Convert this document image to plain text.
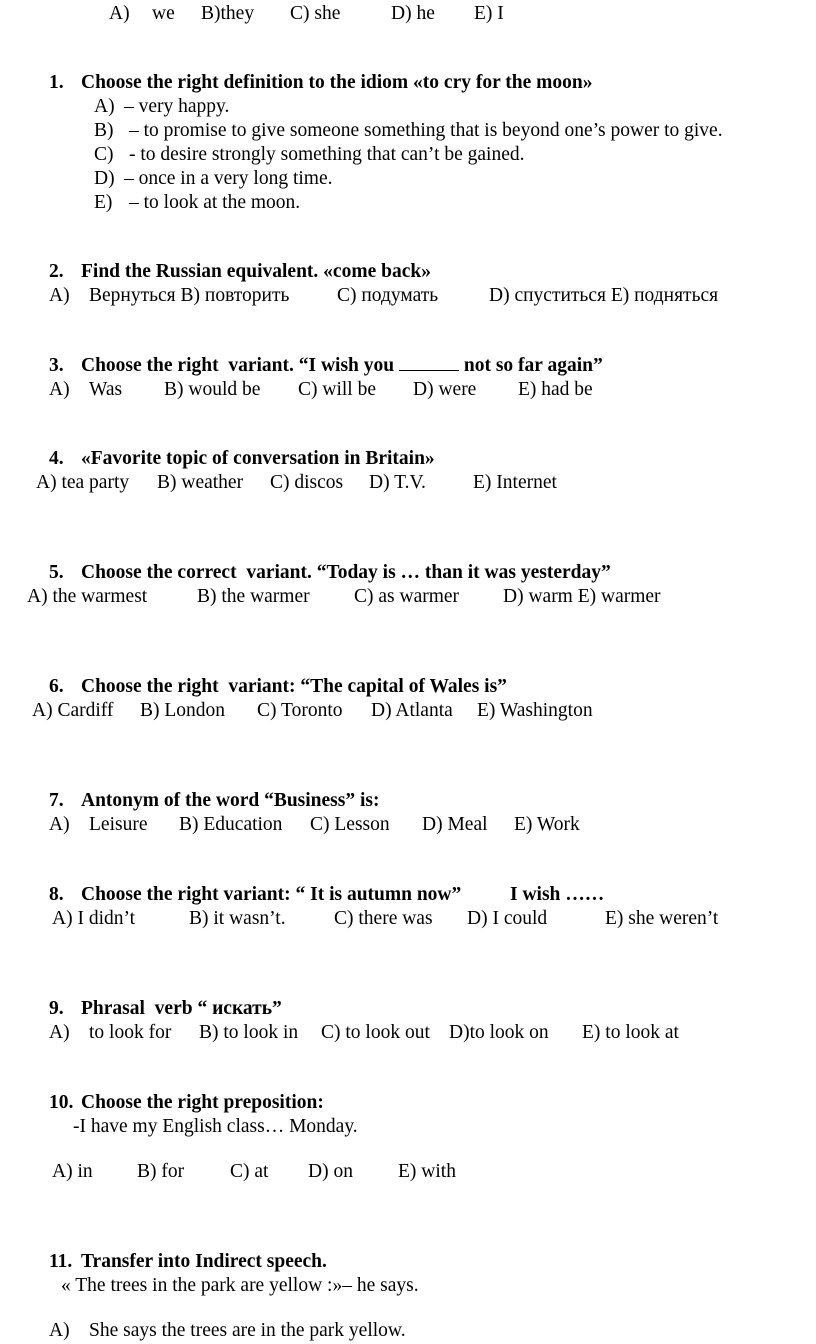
A) we B)they C) she	D) he E) I
1. Choose the right definition to the idiom «to cry for the moon»
A) – very happy.
B) – to promise to give someone something that is beyond one’s power to give.
C) - to desire strongly something that can’t be gained.
D) – once in a very long time.
E) – to look at the moon.
2. Find the Russian equivalent. «come back»
A) Вернуться В) повторить С) подумать	D) спуститься Е) подняться
3. Choose the right  variant. “I wish you	not so far again”
A) Was B) would be C) will be D) were E) had be
4. «Favorite topic of conversation in Britain»
A) tea party B) weather C) discos D) T.V. E) Internet
5. Choose the correct  variant. “Today is … than it was yesterday”
A) the warmest	B) the warmer C) as warmer D) warm E) warmer
6. Choose the right  variant: “The capital of Wales is”
A) Cardiff B) London C) Toronto D) Atlanta E) Washington
7. Antonym of the word “Business” is:
A) Leisure B) Education C) Lesson D) Meal E) Work
8. Choose the right variant: “ It is autumn now” I wish ……
A) I didn’t	B) it wasn’t. C) there was D) I could	E) she weren’t
9. Phrasal  verb “ искать”
A) to look for B) to look in C) to look out D)to look on E) to look at
10. Choose the right preposition:
-I have my English class… Monday.
A) in B) for C) at D) on E) with
11. Transfer into Indirect speech.
« The trees in the park are yellow :»– he says.
A) She says the trees are in the park yellow.
